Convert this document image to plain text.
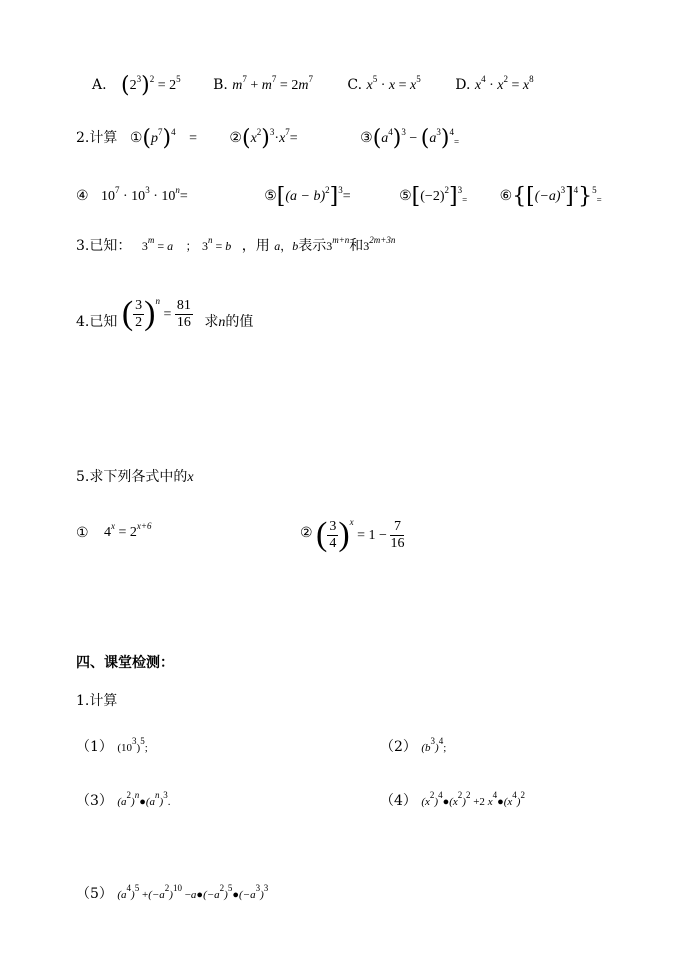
A. $(2^3)^2 = 2^5$ B. $m^7 + m^7 = 2m^7$ C. $x^5 \cdot x = x^5$ D. $x^4 \cdot x^2 = x^8$
2.计算 $①(p^7)^4$ = $②(x^2)^3\cdot x^7=$	$③(a^4)^3 - (a^3)^4_=$
④ $10^7 \cdot 10^3 \cdot 10^n=$	⑤[(a − b)$^2$]$^3$=	$⑤[(-2)^2]^3_=$ $⑥\{[(-a)^3]^4\}^5_=$
3.已知： $3^m = a$ ； $3^n = b$ ，用 a，b表示$3^{m+n}$和$3^{2m+3n}$
4.已知 ( $\frac{3}{2} )^n = \frac{81}{16}$ 求n的值
5.求下列各式中的x
① $4^x = 2^{x+6}$	② ( $\frac{3}{4} )^x = 1 - \frac{7}{16}$
四、课堂检测：
1.计算
（1） $(10^3)^5$;	（2） $(b^3)^4$;
（3） $(a^2)^n●(a^n)^3$.	（4） $(x^2)^4●(x^2)^2 +2$ $x^4●(x^4)^2$
（5） $(a^4)^5 +(-a^2)^{10}$ $-a●(-a^2)^5●(-a^3)^3$
